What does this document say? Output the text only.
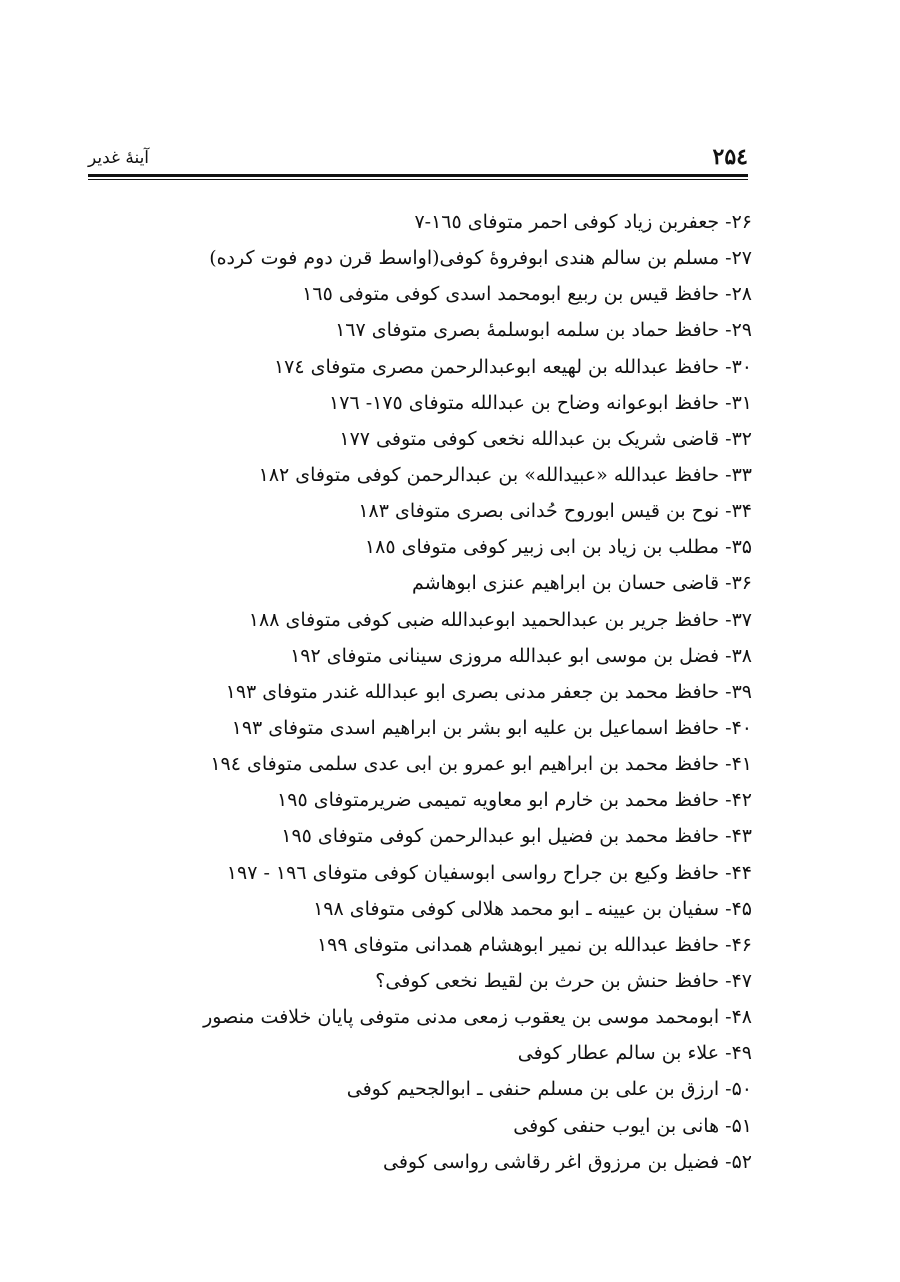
۲۵٤
آینهٔ غدیر
۲۶- جعفربن زیاد کوفی احمر متوفای ١٦٥-٧
۲۷- مسلم بن سالم هندی ابوفروهٔ کوفی(اواسط قرن دوم فوت کرده)
۲۸- حافظ قیس بن ربیع ابومحمد اسدی کوفی متوفی ١٦٥
۲۹- حافظ حماد بن سلمه ابوسلمهٔ بصری متوفای ١٦٧
۳۰- حافظ عبدالله بن لهیعه ابوعبدالرحمن مصری متوفای ١٧٤
۳۱- حافظ ابوعوانه وضاح بن عبدالله متوفای ١٧٥- ١٧٦
۳۲- قاضی شریک بن عبدالله نخعی کوفی متوفی ١٧٧
۳۳- حافظ عبدالله «عبیدالله» بن عبدالرحمن کوفی متوفای ١٨٢
۳۴- نوح بن قیس ابوروح حُدانی بصری متوفای ١٨٣
۳۵- مطلب بن زیاد بن ابی زبیر کوفی متوفای ١٨٥
۳۶- قاضی حسان بن ابراهیم عنزی ابوهاشم
۳۷- حافظ جریر بن عبدالحمید ابوعبدالله ضبی کوفی متوفای ١٨٨
۳۸- فضل بن موسی ابو عبدالله مروزی سینانی متوفای ١٩٢
۳۹- حافظ محمد بن جعفر مدنی بصری ابو عبدالله غندر متوفای ١٩٣
۴۰- حافظ اسماعیل بن علیه ابو بشر بن ابراهیم اسدی متوفای ١٩٣
۴۱- حافظ محمد بن ابراهیم ابو عمرو بن ابی عدی سلمی متوفای ١٩٤
۴۲- حافظ محمد بن خارم ابو معاویه تمیمی ضریرمتوفای ١٩٥
۴۳- حافظ محمد بن فضیل ابو عبدالرحمن کوفی متوفای ١٩٥
۴۴- حافظ وکیع بن جراح رواسی ابوسفیان کوفی متوفای ١٩٦ - ١٩٧
۴۵- سفیان بن عیینه ـ ابو محمد هلالی کوفی متوفای ١٩٨
۴۶- حافظ عبدالله بن نمیر ابوهشام همدانی متوفای ١٩٩
۴۷- حافظ حنش بن حرث بن لقیط نخعی کوفی؟
۴۸- ابومحمد موسی بن یعقوب زمعی مدنی متوفی پایان خلافت منصور
۴۹- علاء بن سالم عطار کوفی
۵۰- ارزق بن علی بن مسلم حنفی ـ ابوالجحیم کوفی
۵۱- هانی بن ایوب حنفی کوفی
۵۲- فضیل بن مرزوق اغر رقاشی رواسی کوفی
